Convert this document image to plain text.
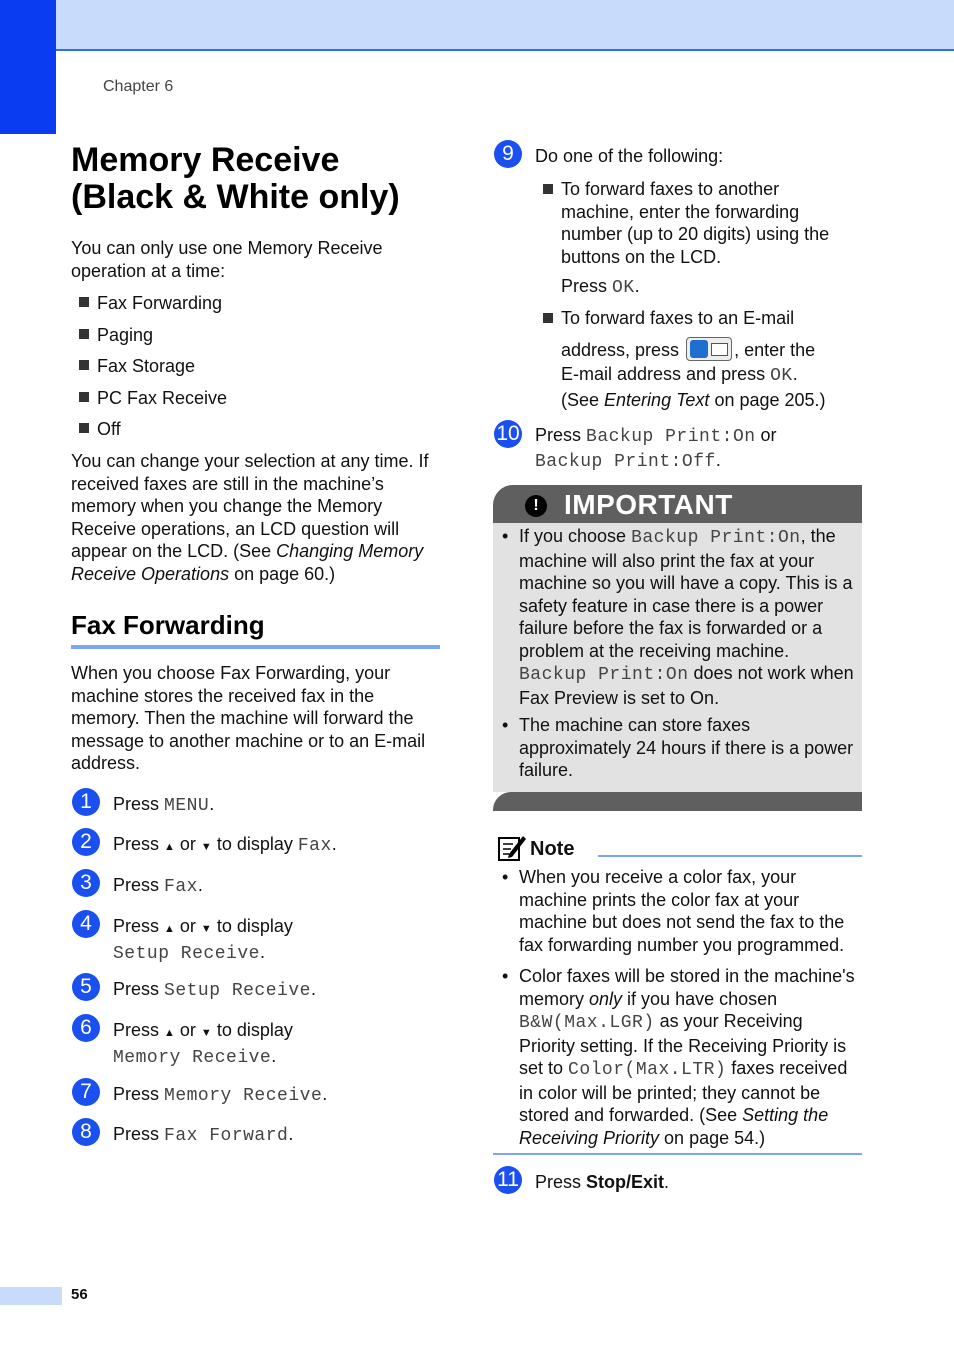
Chapter 6
Memory Receive
(Black & White only)
You can only use one Memory Receive operation at a time:
Fax Forwarding
Paging
Fax Storage
PC Fax Receive
Off
You can change your selection at any time. If received faxes are still in the machine’s memory when you change the Memory Receive operations, an LCD question will appear on the LCD. (See Changing Memory Receive Operations on page 60.)
Fax Forwarding
When you choose Fax Forwarding, your machine stores the received fax in the memory. Then the machine will forward the message to another machine or to an E-mail address.
1	Press MENU.
2	Press ▲ or ▼ to display Fax.
3	Press Fax.
4	Press ▲ or ▼ to display
Setup Receive.
5	Press Setup Receive.
6	Press ▲ or ▼ to display
Memory Receive.
7	Press Memory Receive.
8	Press Fax Forward.
9	Do one of the following:
To forward faxes to another machine, enter the forwarding number (up to 20 digits) using the buttons on the LCD.
Press OK.
To forward faxes to an E-mail
address, press	, enter the
E-mail address and press OK.
(See Entering Text on page 205.)
10 Press Backup Print:On or
Backup Print:Off.
! IMPORTANT
• If you choose Backup Print:On, the machine will also print the fax at your machine so you will have a copy. This is a safety feature in case there is a power failure before the fax is forwarded or a problem at the receiving machine.
Backup Print:On does not work when Fax Preview is set to On.
• The machine can store faxes approximately 24 hours if there is a power failure.
Note
• When you receive a color fax, your machine prints the color fax at your machine but does not send the fax to the fax forwarding number you programmed.
• Color faxes will be stored in the machine's memory only if you have chosen
B&W(Max.LGR) as your Receiving Priority setting. If the Receiving Priority is set to Color(Max.LTR) faxes received in color will be printed; they cannot be stored and forwarded. (See Setting the Receiving Priority on page 54.)
11 Press Stop/Exit.
56
